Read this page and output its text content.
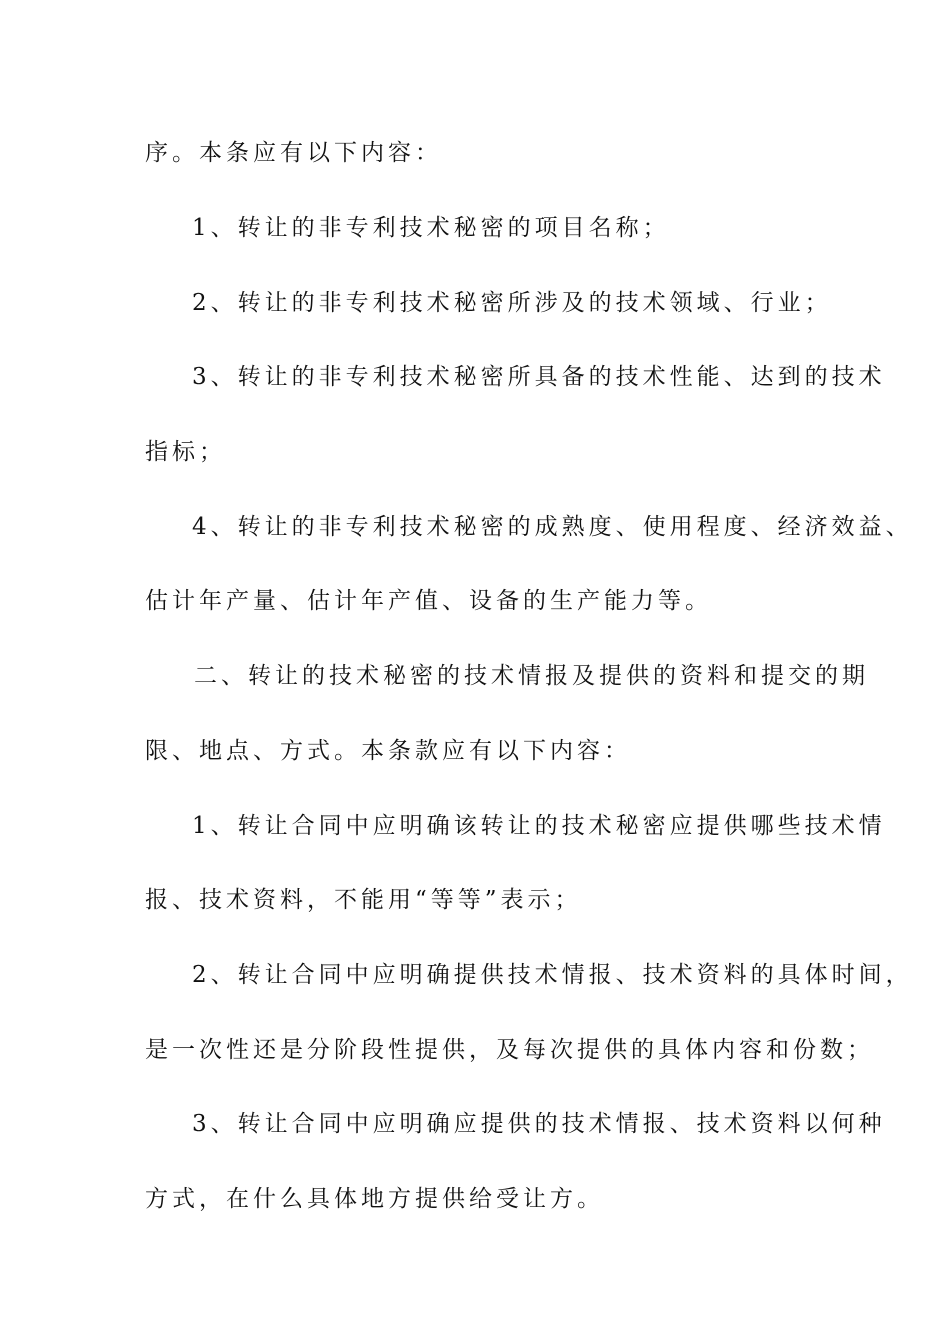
序。本条应有以下内容：

1、转让的非专利技术秘密的项目名称；

2、转让的非专利技术秘密所涉及的技术领域、行业；

3、转让的非专利技术秘密所具备的技术性能、达到的技术

指标；

4、转让的非专利技术秘密的成熟度、使用程度、经济效益、

估计年产量、估计年产值、设备的生产能力等。

二、转让的技术秘密的技术情报及提供的资料和提交的期

限、地点、方式。本条款应有以下内容：

1、转让合同中应明确该转让的技术秘密应提供哪些技术情

报、技术资料，不能用“等等”表示；

2、转让合同中应明确提供技术情报、技术资料的具体时间，

是一次性还是分阶段性提供，及每次提供的具体内容和份数；

3、转让合同中应明确应提供的技术情报、技术资料以何种

方式，在什么具体地方提供给受让方。
